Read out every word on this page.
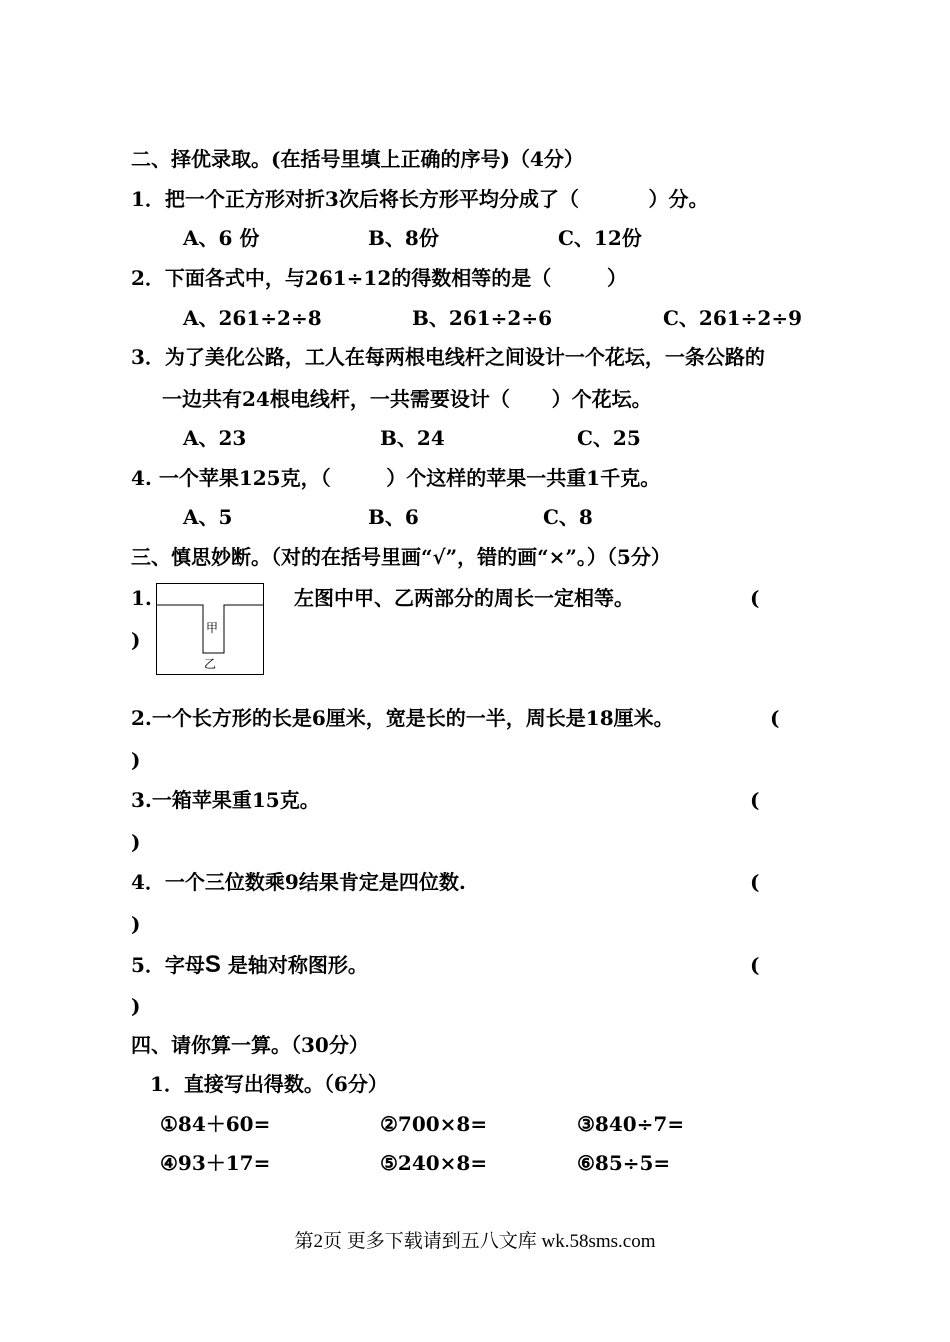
二、择优录取。(在括号里填上正确的序号)（4分）
1．把一个正方形对折3次后将长方形平均分成了（          ）分。
A、6 份	B、8份	C、12份
2．下面各式中，与261÷12的得数相等的是（        ）
A、261÷2÷8	B、261÷2÷6	C、261÷2÷9
3．为了美化公路，工人在每两根电线杆之间设计一个花坛，一条公路的
一边共有24根电线杆，一共需要设计（      ）个花坛。
A、23	B、24	C、25
4. 一个苹果125克，（        ）个这样的苹果一共重1千克。
A、5	B、6	C、8
三、慎思妙断。（对的在括号里画“√”，错的画“×”。）（5分）
1.
甲
乙
左图中甲、乙两部分的周长一定相等。	(
)
2.一个长方形的长是6厘米，宽是长的一半，周长是18厘米。	(
)
3.一箱苹果重15克。	(
)
4．一个三位数乘9结果肯定是四位数.	(
)
5．字母S 是轴对称图形。	(
)
四、请你算一算。（30分）
1．直接写出得数。（6分）
①84＋60=	②700×8=	③840÷7=
④93＋17=	⑤240×8=	⑥85÷5=
第2页 更多下载请到五八文库 wk.58sms.com
